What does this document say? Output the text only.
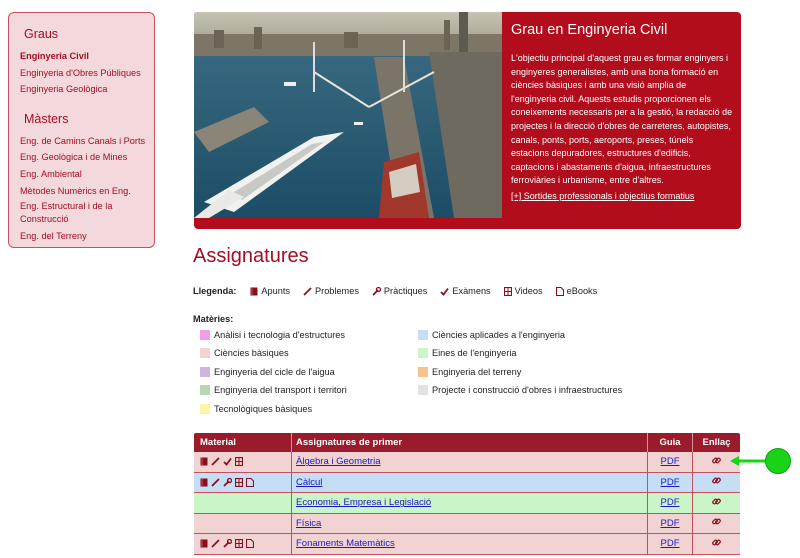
Graus
Enginyeria Civil
Enginyeria d'Obres Públiques
Enginyeria Geològica
Màsters
Eng. de Camins Canals i Ports
Eng. Geològica i de Mines
Eng. Ambiental
Mètodes Numèrics en Eng.
Eng. Estructural i de la Construcció
Eng. del Terreny
Grau en Enginyeria Civil
L'objectiu principal d'aquest grau es formar enginyers i enginyeres generalistes, amb una bona formació en ciències bàsiques i amb una visió amplia de l'enginyeria civil. Aquests estudis proporcionen els coneixements necessaris per a la gestió, la redacció de projectes i la direcció d'obres de carreteres, autopistes, canals, ponts, ports, aeroports, preses, túnels estacions depuradores, estructures d'edificis, captacions i abastaments d'aigua, infraestructures ferroviàries i urbanisme, entre d'altres.
[+] Sortides professionals i objectius formatius
Assignatures
Llegenda:	Apunts	Problemes	Pràctiques	Exàmens	Videos	eBooks
Matèries:
Anàlisi i tecnologia d'estructures	Ciències aplicades a l'enginyeria
Ciències bàsiques	Eines de l'enginyeria
Enginyeria del cicle de l'aigua	Enginyeria del terreny
Enginyeria del transport i territori	Projecte i construcció d'obres i infraestructures
Tecnològiques bàsiques
Material	Assignatures de primer	Guia	Enllaç
Àlgebra i Geometria	PDF
Càlcul	PDF
Economia, Empresa i Legislació	PDF
Física	PDF
Fonaments Matemàtics	PDF
